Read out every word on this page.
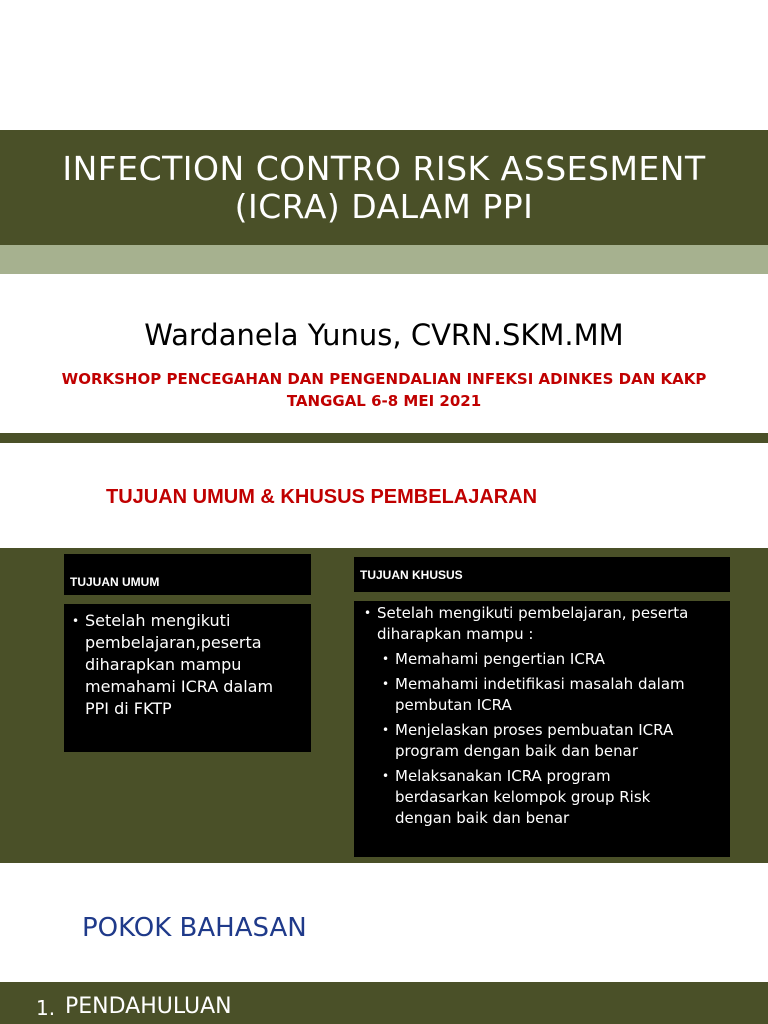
INFECTION CONTRO RISK ASSESMENT
(ICRA) DALAM PPI
Wardanela Yunus, CVRN.SKM.MM
WORKSHOP PENCEGAHAN DAN PENGENDALIAN INFEKSI ADINKES DAN KAKP
TANGGAL 6-8 MEI 2021
TUJUAN UMUM & KHUSUS PEMBELAJARAN
TUJUAN UMUM
• Setelah mengikuti
pembelajaran,peserta
diharapkan mampu
memahami ICRA dalam
PPI di FKTP
TUJUAN KHUSUS
• Setelah mengikuti pembelajaran, peserta
diharapkan mampu :
• Memahami pengertian ICRA
• Memahami indetifikasi masalah dalam
pembutan ICRA
• Menjelaskan proses pembuatan ICRA
program dengan baik dan benar
• Melaksanakan ICRA program
berdasarkan kelompok group Risk
dengan baik dan benar
POKOK BAHASAN
1. PENDAHULUAN
